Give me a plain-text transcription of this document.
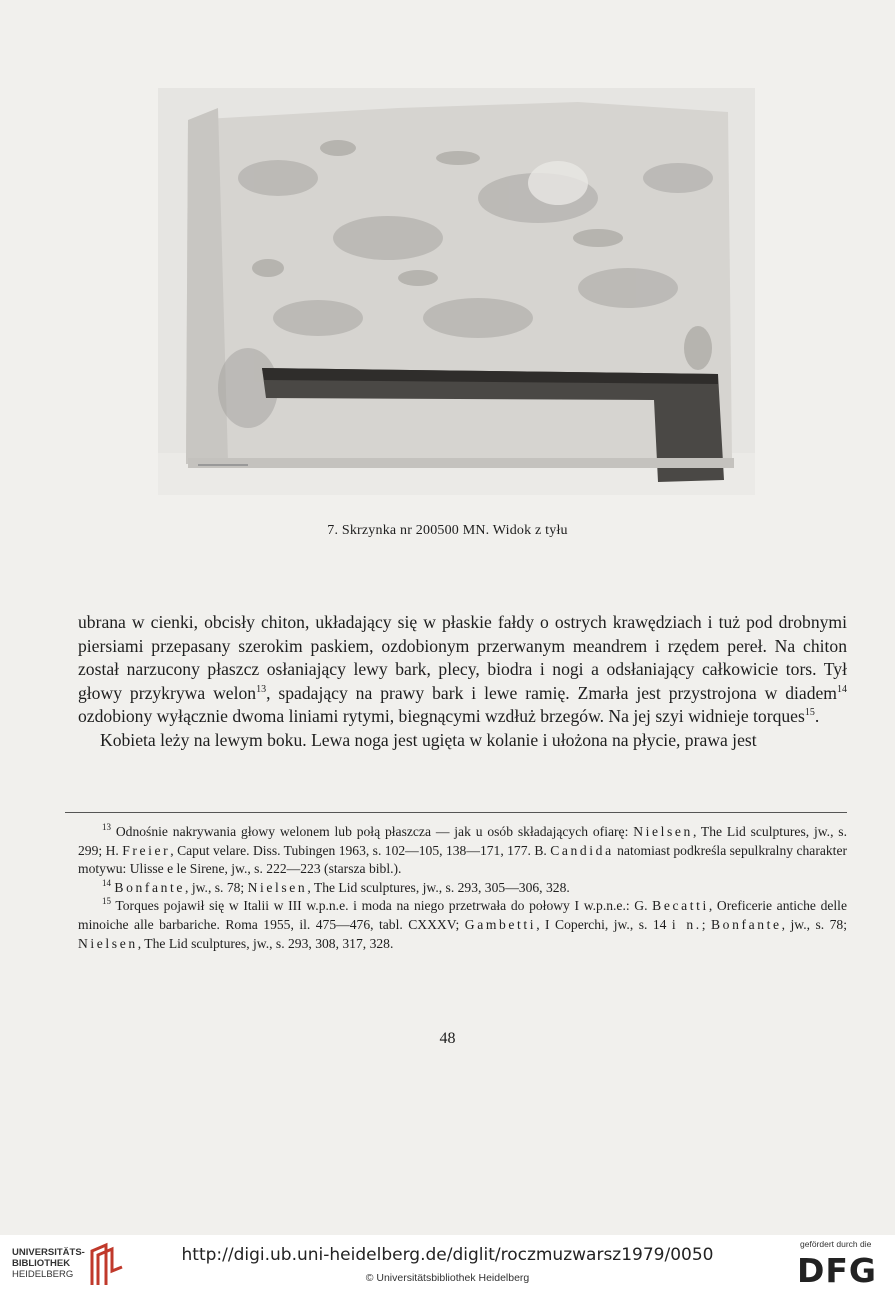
7. Skrzynka nr 200500 MN. Widok z tyłu

ubrana w cienki, obcisły chiton, układający się w płaskie fałdy o ostrych krawędziach i tuż pod drobnymi piersiami przepasany szerokim paskiem, ozdobionym przerwanym meandrem i rzędem pereł. Na chiton został narzucony płaszcz osłaniający lewy bark, plecy, biodra i nogi a odsłaniający całkowicie tors. Tył głowy przykrywa welon$^{13}$, spadający na prawy bark i lewe ramię. Zmarła jest przystrojona w diadem$^{14}$ ozdobiony wyłącznie dwoma liniami rytymi, biegnącymi wzdłuż brzegów. Na jej szyi widnieje torques$^{15}$.

Kobieta leży na lewym boku. Lewa noga jest ugięta w kolanie i ułożona na płycie, prawa jest

$^{13}$ Odnośnie nakrywania głowy welonem lub połą płaszcza — jak u osób składających ofiarę: Nielsen, The Lid sculptures, jw., s. 299; H. Freier, Caput velare. Diss. Tubingen 1963, s. 102—105, 138—171, 177. B. Candida natomiast podkreśla sepulkralny charakter motywu: Ulisse e le Sirene, jw., s. 222—223 (starsza bibl.).

$^{14}$ Bonfante, jw., s. 78; Nielsen, The Lid sculptures, jw., s. 293, 305—306, 328.

$^{15}$ Torques pojawił się w Italii w III w.p.n.e. i moda na niego przetrwała do połowy I w.p.n.e.: G. Becatti, Oreficerie antiche delle minoiche alle barbariche. Roma 1955, il. 475—476, tabl. CXXXV; Gambetti, I Coperchi, jw., s. 14 i n.; Bonfante, jw., s. 78; Nielsen, The Lid sculptures, jw., s. 293, 308, 317, 328.

48
UNIVERSITÄTS-
BIBLIOTHEK
HEIDELBERG
http://digi.ub.uni-heidelberg.de/diglit/roczmuzwarsz1979/0050
© Universitätsbibliothek Heidelberg
gefördert durch die
DFG
